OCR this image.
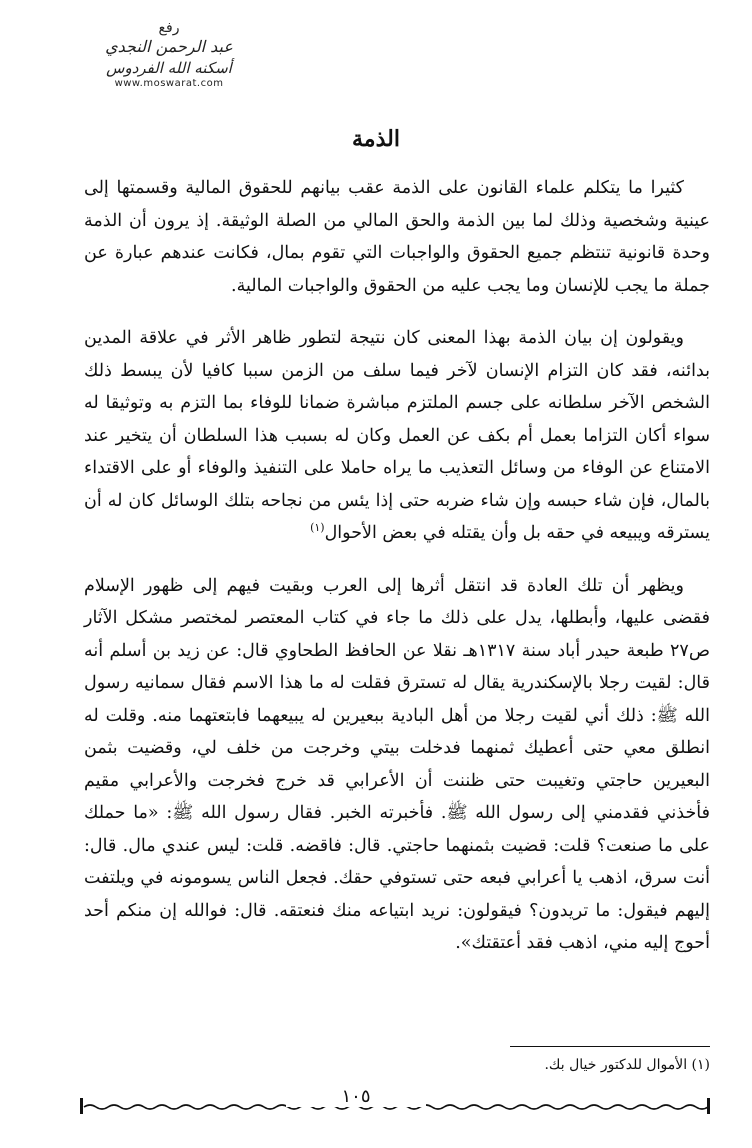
رفع
عبد الرحمن النجدي
أسكنه الله الفردوس
www.moswarat.com
الذمة

كثيرا ما يتكلم علماء القانون على الذمة عقب بيانهم للحقوق المالية وقسمتها إلى عينية وشخصية وذلك لما بين الذمة والحق المالي من الصلة الوثيقة. إذ يرون أن الذمة وحدة قانونية تنتظم جميع الحقوق والواجبات التي تقوم بمال، فكانت عندهم عبارة عن جملة ما يجب للإنسان وما يجب عليه من الحقوق والواجبات المالية.

ويقولون إن بيان الذمة بهذا المعنى كان نتيجة لتطور ظاهر الأثر في علاقة المدين بدائنه، فقد كان التزام الإنسان لآخر فيما سلف من الزمن سببا كافيا لأن يبسط ذلك الشخص الآخر سلطانه على جسم الملتزم مباشرة ضمانا للوفاء بما التزم به وتوثيقا له سواء أكان التزاما بعمل أم بكف عن العمل وكان له بسبب هذا السلطان أن يتخير عند الامتناع عن الوفاء من وسائل التعذيب ما يراه حاملا على التنفيذ والوفاء أو على الاقتداء بالمال، فإن شاء حبسه وإن شاء ضربه حتى إذا يئس من نجاحه بتلك الوسائل كان له أن يسترقه ويبيعه في حقه بل وأن يقتله في بعض الأحوال$^{(١)}$

ويظهر أن تلك العادة قد انتقل أثرها إلى العرب وبقيت فيهم إلى ظهور الإسلام فقضى عليها، وأبطلها، يدل على ذلك ما جاء في كتاب المعتصر لمختصر مشكل الآثار ص٢٧ طبعة حيدر أباد سنة ١٣١٧هـ نقلا عن الحافظ الطحاوي قال: عن زيد بن أسلم أنه قال: لقيت رجلا بالإسكندرية يقال له تسترق فقلت له ما هذا الاسم فقال سمانيه رسول الله ﷺ: ذلك أني لقيت رجلا من أهل البادية ببعيرين له يبيعهما فابتعتهما منه. وقلت له انطلق معي حتى أعطيك ثمنهما فدخلت بيتي وخرجت من خلف لي، وقضيت بثمن البعيرين حاجتي وتغيبت حتى ظننت أن الأعرابي قد خرج فخرجت والأعرابي مقيم فأخذني فقدمني إلى رسول الله ﷺ. فأخبرته الخبر. فقال رسول الله ﷺ: «ما حملك على ما صنعت؟ قلت: قضيت بثمنهما حاجتي. قال: فاقضه. قلت: ليس عندي مال. قال: أنت سرق، اذهب يا أعرابي فبعه حتى تستوفي حقك. فجعل الناس يسومونه في ويلتفت إليهم فيقول: ما تريدون؟ فيقولون: نريد ابتياعه منك فنعتقه. قال: فوالله إن منكم أحد أحوج إليه مني، اذهب فقد أعتقتك».

(١) الأموال للدكتور خيال بك.
١٠٥
